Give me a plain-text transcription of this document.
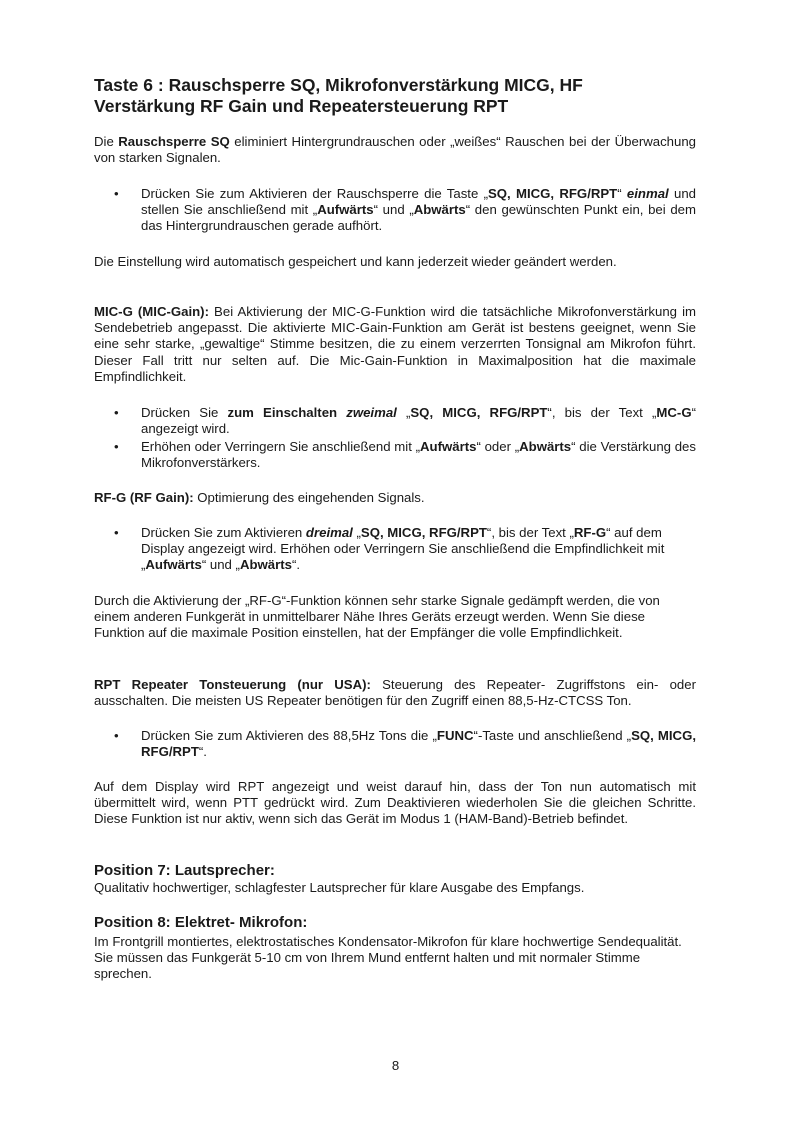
Taste 6 : Rauschsperre SQ, Mikrofonverstärkung MICG, HF
Verstärkung RF Gain und Repeatersteuerung RPT

Die Rauschsperre SQ eliminiert Hintergrundrauschen oder „weißes“ Rauschen bei der Überwachung von starken Signalen.

• Drücken Sie zum Aktivieren der Rauschsperre die Taste „SQ, MICG, RFG/RPT“ einmal und stellen Sie anschließend mit „Aufwärts“ und „Abwärts“ den gewünschten Punkt ein, bei dem das Hintergrundrauschen gerade aufhört.

Die Einstellung wird automatisch gespeichert und kann jederzeit wieder geändert werden.

MIC-G (MIC-Gain): Bei Aktivierung der MIC-G-Funktion wird die tatsächliche Mikrofonverstärkung im Sendebetrieb angepasst. Die aktivierte MIC-Gain-Funktion am Gerät ist bestens geeignet, wenn Sie eine sehr starke, „gewaltige“ Stimme besitzen, die zu einem verzerrten Tonsignal am Mikrofon führt. Dieser Fall tritt nur selten auf. Die Mic-Gain-Funktion in Maximalposition hat die maximale Empfindlichkeit.

• Drücken Sie zum Einschalten zweimal „SQ, MICG, RFG/RPT“, bis der Text „MC-G“ angezeigt wird.

• Erhöhen oder Verringern Sie anschließend mit „Aufwärts“ oder „Abwärts“ die Verstärkung des Mikrofonverstärkers.

RF-G (RF Gain): Optimierung des eingehenden Signals.

• Drücken Sie zum Aktivieren dreimal „SQ, MICG, RFG/RPT“, bis der Text „RF-G“ auf dem Display angezeigt wird. Erhöhen oder Verringern Sie anschließend die Empfindlichkeit mit „Aufwärts“ und „Abwärts“.

Durch die Aktivierung der „RF-G“-Funktion können sehr starke Signale gedämpft werden, die von einem anderen Funkgerät in unmittelbarer Nähe Ihres Geräts erzeugt werden. Wenn Sie diese Funktion auf die maximale Position einstellen, hat der Empfänger die volle Empfindlichkeit.

RPT Repeater Tonsteuerung (nur USA): Steuerung des Repeater- Zugriffstons ein- oder ausschalten. Die meisten US Repeater benötigen für den Zugriff einen 88,5-Hz-CTCSS Ton.

• Drücken Sie zum Aktivieren des 88,5Hz Tons die „FUNC“-Taste und anschließend „SQ, MICG, RFG/RPT“.

Auf dem Display wird RPT angezeigt und weist darauf hin, dass der Ton nun automatisch mit übermittelt wird, wenn PTT gedrückt wird. Zum Deaktivieren wiederholen Sie die gleichen Schritte. Diese Funktion ist nur aktiv, wenn sich das Gerät im Modus 1 (HAM-Band)-Betrieb befindet.

Position 7: Lautsprecher:

Qualitativ hochwertiger, schlagfester Lautsprecher für klare Ausgabe des Empfangs.

Position 8: Elektret- Mikrofon:

Im Frontgrill montiertes, elektrostatisches Kondensator-Mikrofon für klare hochwertige Sendequalität. Sie müssen das Funkgerät 5-10 cm von Ihrem Mund entfernt halten und mit normaler Stimme sprechen.

8
